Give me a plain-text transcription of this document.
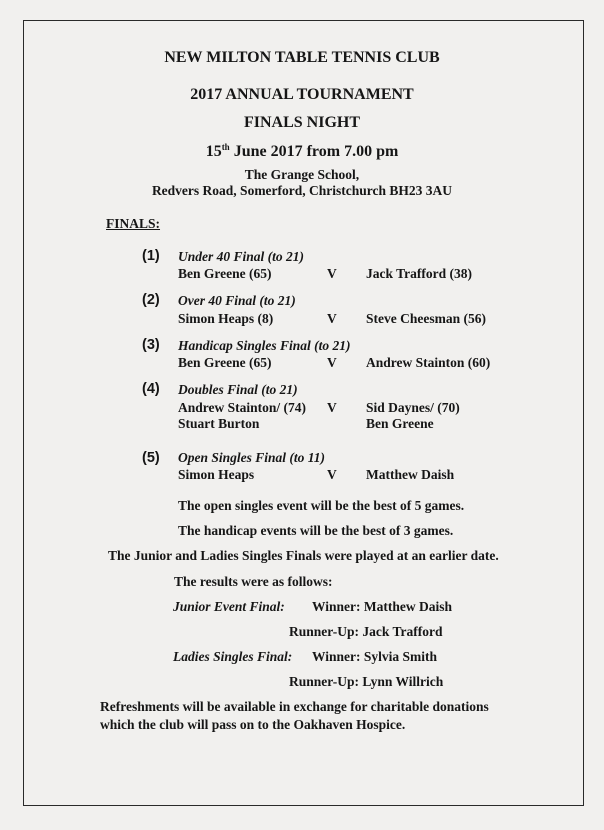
NEW MILTON TABLE TENNIS CLUB
2017 ANNUAL TOURNAMENT
FINALS NIGHT
15th June 2017 from 7.00 pm
The Grange School,
Redvers Road, Somerford, Christchurch BH23 3AU
FINALS:
(1) Under 40 Final (to 21)
Ben Greene (65)	V Jack Trafford (38)
(2) Over 40 Final (to 21)
Simon Heaps (8)	V Steve Cheesman (56)
(3) Handicap Singles Final (to 21)
Ben Greene (65)	V Andrew Stainton (60)
(4) Doubles Final (to 21)
Andrew Stainton/ (74) V Sid Daynes/ (70)
Stuart Burton	Ben Greene
(5) Open Singles Final (to 11)
Simon Heaps	V Matthew Daish
The open singles event will be the best of 5 games.
The handicap events will be the best of 3 games.
The Junior and Ladies Singles Finals were played at an earlier date.
The results were as follows:
Junior Event Final: Winner: Matthew Daish
Runner-Up: Jack Trafford
Ladies Singles Final: Winner: Sylvia Smith
Runner-Up: Lynn Willrich
Refreshments will be available in exchange for charitable donations
which the club will pass on to the Oakhaven Hospice.
